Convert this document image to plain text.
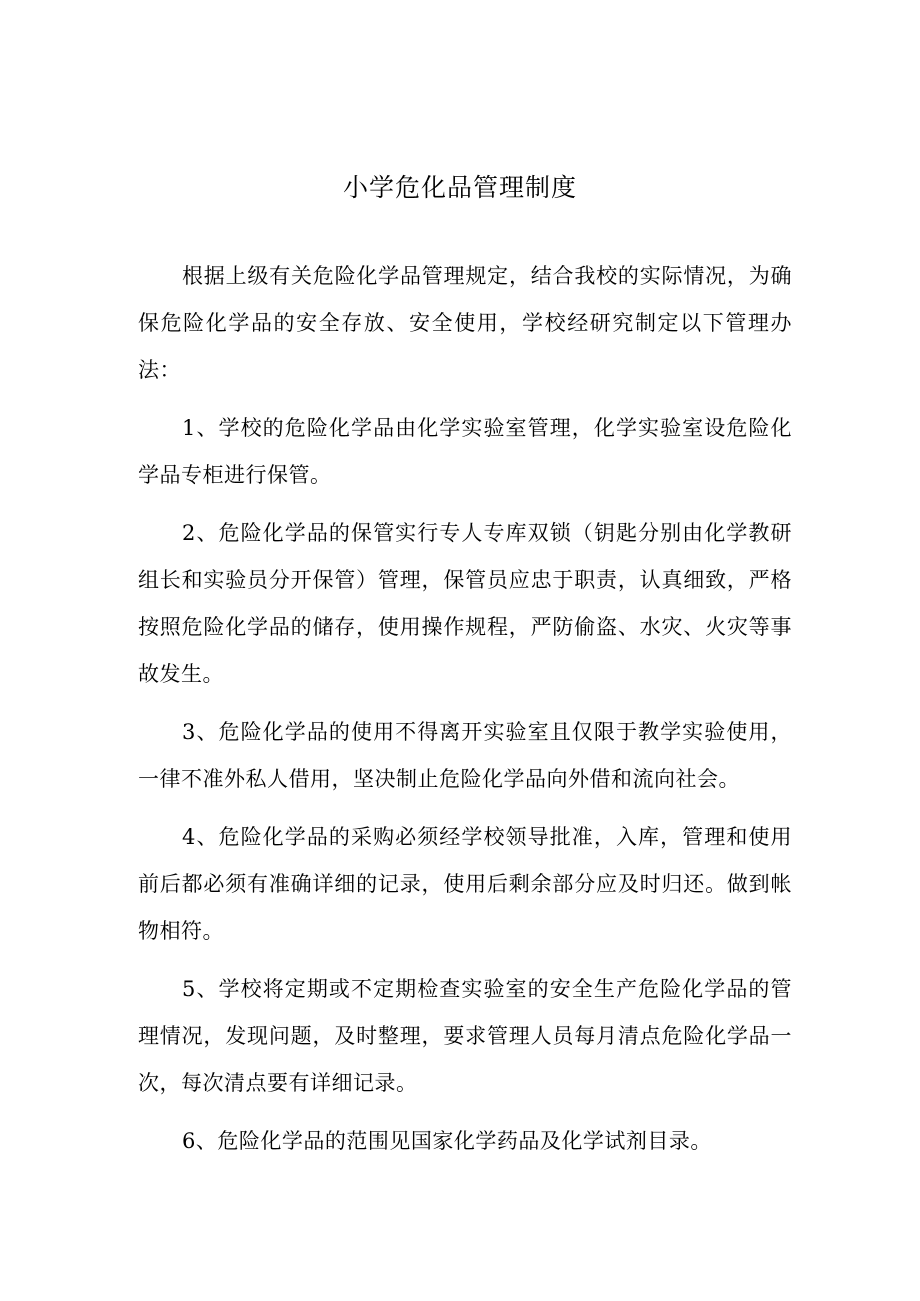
小学危化品管理制度

根据上级有关危险化学品管理规定，结合我校的实际情况，为确保危险化学品的安全存放、安全使用，学校经研究制定以下管理办法：

1、学校的危险化学品由化学实验室管理，化学实验室设危险化学品专柜进行保管。

2、危险化学品的保管实行专人专库双锁（钥匙分别由化学教研组长和实验员分开保管）管理，保管员应忠于职责，认真细致，严格按照危险化学品的储存，使用操作规程，严防偷盗、水灾、火灾等事故发生。

3、危险化学品的使用不得离开实验室且仅限于教学实验使用，一律不准外私人借用，坚决制止危险化学品向外借和流向社会。

4、危险化学品的采购必须经学校领导批准，入库，管理和使用前后都必须有准确详细的记录，使用后剩余部分应及时归还。做到帐物相符。

5、学校将定期或不定期检查实验室的安全生产危险化学品的管理情况，发现问题，及时整理，要求管理人员每月清点危险化学品一次，每次清点要有详细记录。

6、危险化学品的范围见国家化学药品及化学试剂目录。
